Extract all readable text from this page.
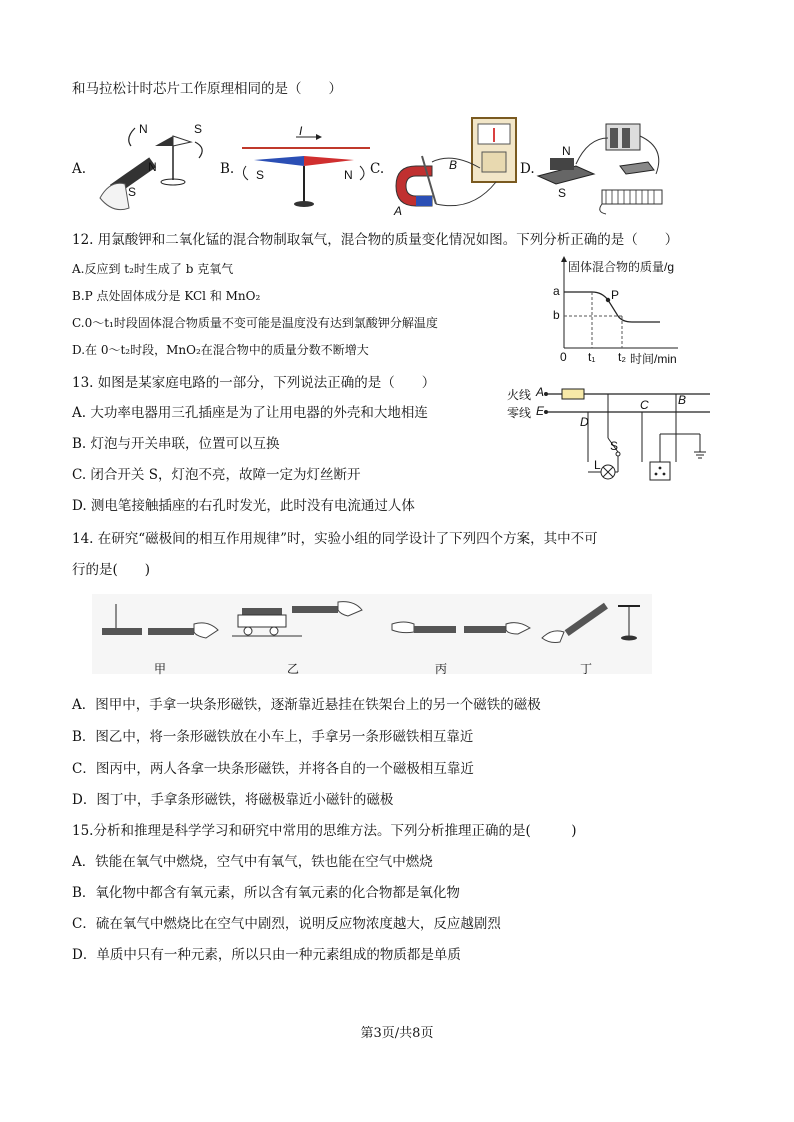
和马拉松计时芯片工作原理相同的是（　　）
A.
N	S
N
S
B.
I
S	N C.	B
A
D.
N
S
12. 用氯酸钾和二氧化锰的混合物制取氧气，混合物的质量变化情况如图。下列分析正确的是（　　）
A.反应到 t₂时生成了 b 克氧气
B.P 点处固体成分是 KCl 和 MnO₂
C.0～t₁时段固体混合物质量不变可能是温度没有达到氯酸钾分解温度
D.在 0～t₂时段，MnO₂在混合物中的质量分数不断增大
固体混合物的质量/g
a
b
P
0 t₁ t₂ 时间/min
13. 如图是某家庭电路的一部分，下列说法正确的是（　　）
A. 大功率电器用三孔插座是为了让用电器的外壳和大地相连
B. 灯泡与开关串联，位置可以互换
C. 闭合开关 S，灯泡不亮，故障一定为灯丝断开
D. 测电笔接触插座的右孔时发光，此时没有电流通过人体
火线
零线
A
E
B
C
D
S
L
14. 在研究“磁极间的相互作用规律”时，实验小组的同学设计了下列四个方案，其中不可
行的是(　　)
甲	乙	丙	丁
A．图甲中，手拿一块条形磁铁，逐渐靠近悬挂在铁架台上的另一个磁铁的磁极
B．图乙中，将一条形磁铁放在小车上，手拿另一条形磁铁相互靠近
C．图丙中，两人各拿一块条形磁铁，并将各自的一个磁极相互靠近
D．图丁中，手拿条形磁铁，将磁极靠近小磁针的磁极
15.分析和推理是科学学习和研究中常用的思维方法。下列分析推理正确的是(　　　)
A．铁能在氧气中燃烧，空气中有氧气，铁也能在空气中燃烧
B．氧化物中都含有氧元素，所以含有氧元素的化合物都是氧化物
C．硫在氧气中燃烧比在空气中剧烈，说明反应物浓度越大，反应越剧烈
D．单质中只有一种元素，所以只由一种元素组成的物质都是单质
第3页/共8页
